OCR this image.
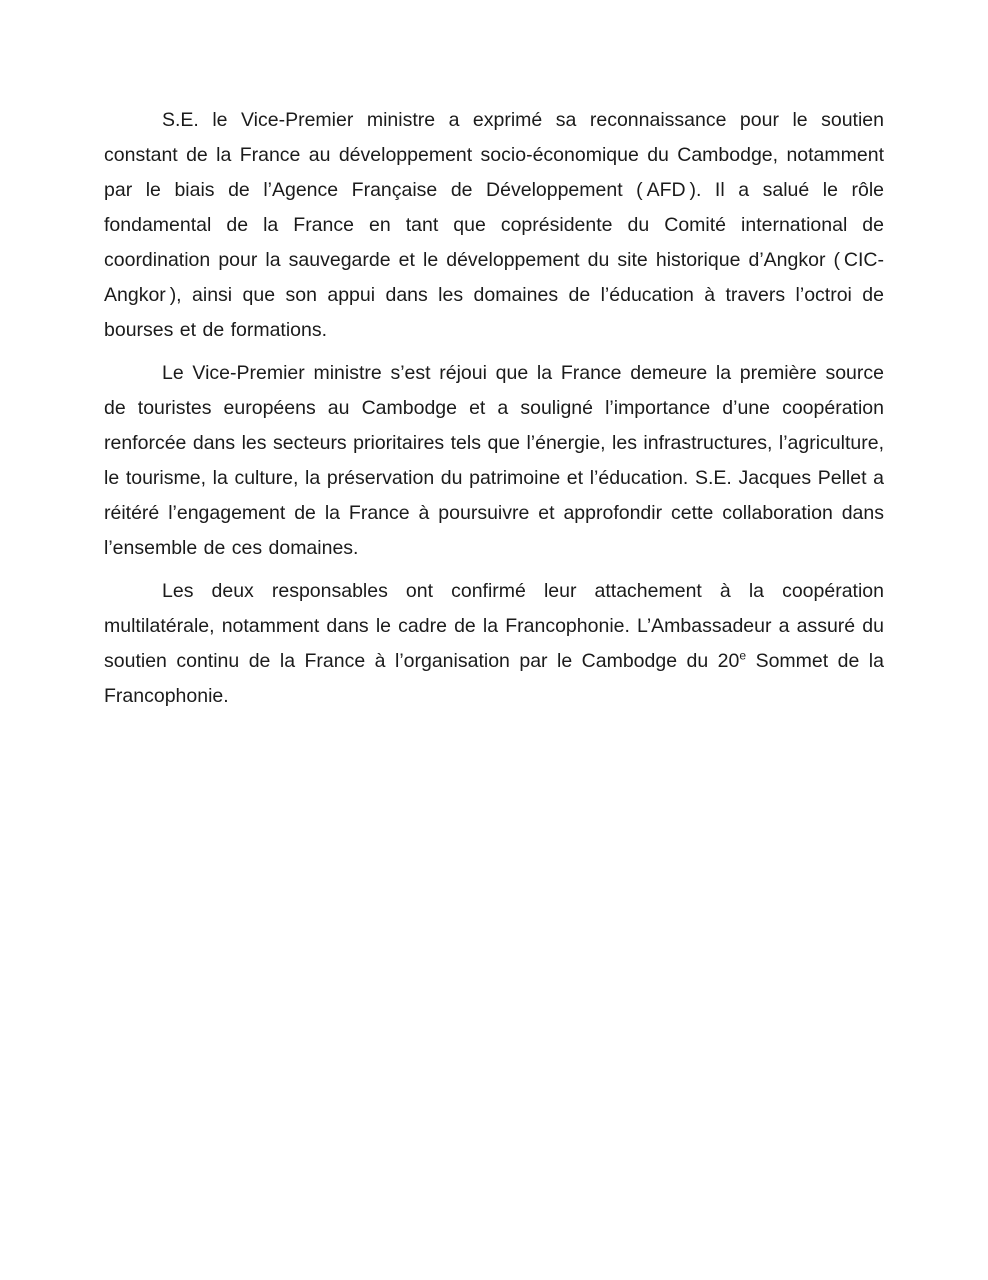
S.E. le Vice-Premier ministre a exprimé sa reconnaissance pour le soutien constant de la France au développement socio-économique du Cambodge, notamment par le biais de l’Agence Française de Développement ( AFD ). Il a salué le rôle fondamental de la France en tant que coprésidente du Comité international de coordination pour la sauvegarde et le développement du site historique d’Angkor ( CIC-Angkor ), ainsi que son appui dans les domaines de l’éducation à travers l’octroi de bourses et de formations.

Le Vice-Premier ministre s’est réjoui que la France demeure la première source de touristes européens au Cambodge et a souligné l’importance d’une coopération renforcée dans les secteurs prioritaires tels que l’énergie, les infrastructures, l’agriculture, le tourisme, la culture, la préservation du patrimoine et l’éducation. S.E. Jacques Pellet a réitéré l’engagement de la France à poursuivre et approfondir cette collaboration dans l’ensemble de ces domaines.

Les deux responsables ont confirmé leur attachement à la coopération multilatérale, notamment dans le cadre de la Francophonie. L’Ambassadeur a assuré du soutien continu de la France à l’organisation par le Cambodge du 20e Sommet de la Francophonie.
